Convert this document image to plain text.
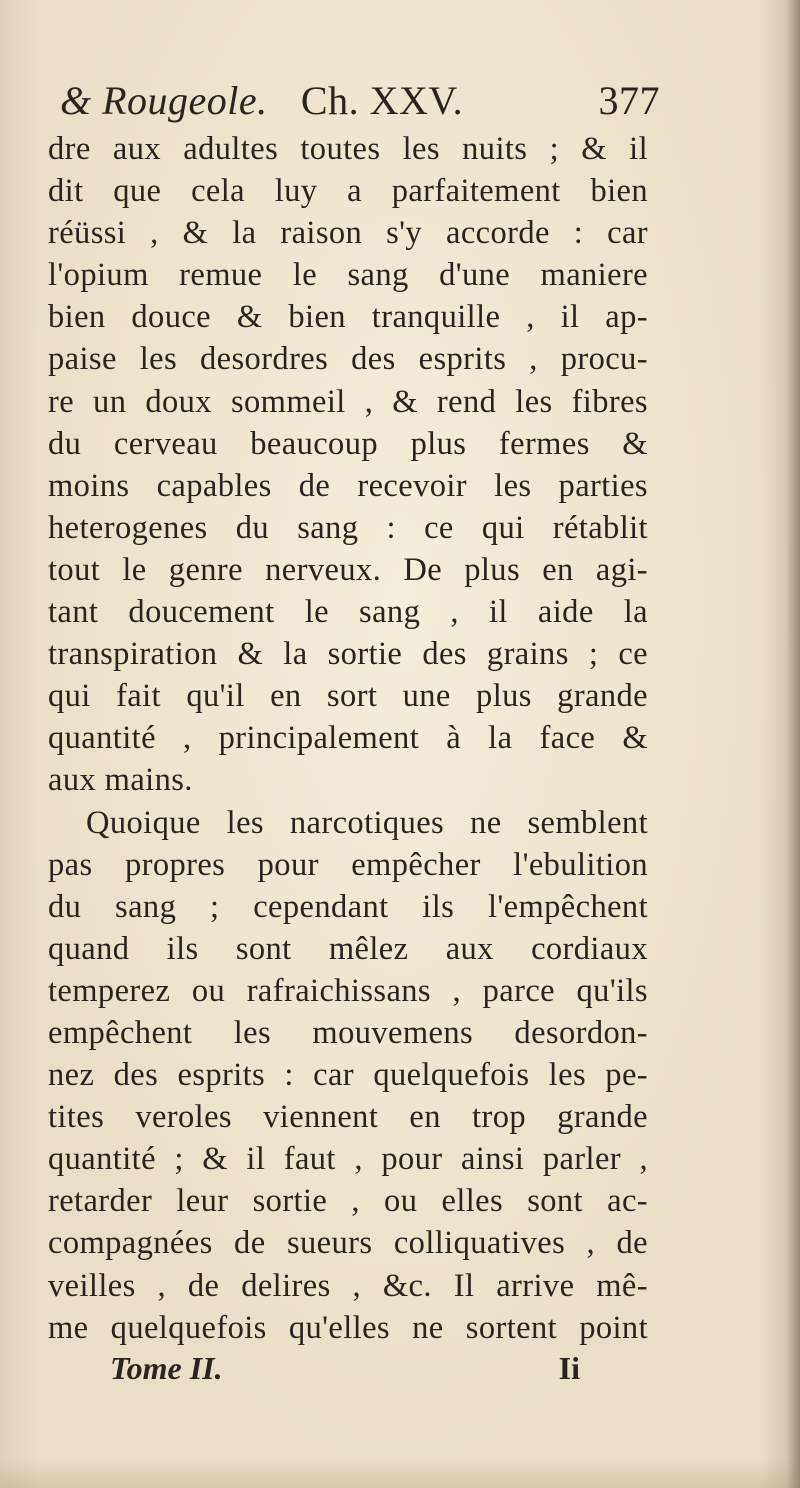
& Rougeole. Ch. XXV.	377
dre aux adultes toutes les nuits ; & il
dit que cela luy a parfaitement bien
réüssi , & la raison s'y accorde : car
l'opium remue le sang d'une maniere
bien douce & bien tranquille , il ap-
paise les desordres des esprits , procu-
re un doux sommeil , & rend les fibres
du cerveau beaucoup plus fermes &
moins capables de recevoir les parties
heterogenes du sang : ce qui rétablit
tout le genre nerveux. De plus en agi-
tant doucement le sang , il aide la
transpiration & la sortie des grains ; ce
qui fait qu'il en sort une plus grande
quantité , principalement à la face &
aux mains.
Quoique les narcotiques ne semblent
pas propres pour empêcher l'ebulition
du sang ; cependant ils l'empêchent
quand ils sont mêlez aux cordiaux
temperez ou rafraichissans , parce qu'ils
empêchent les mouvemens desordon-
nez des esprits : car quelquefois les pe-
tites veroles viennent en trop grande
quantité ; & il faut , pour ainsi parler ,
retarder leur sortie , ou elles sont ac-
compagnées de sueurs colliquatives , de
veilles , de delires , &c. Il arrive mê-
me quelquefois qu'elles ne sortent point
Tome II.	Ii
